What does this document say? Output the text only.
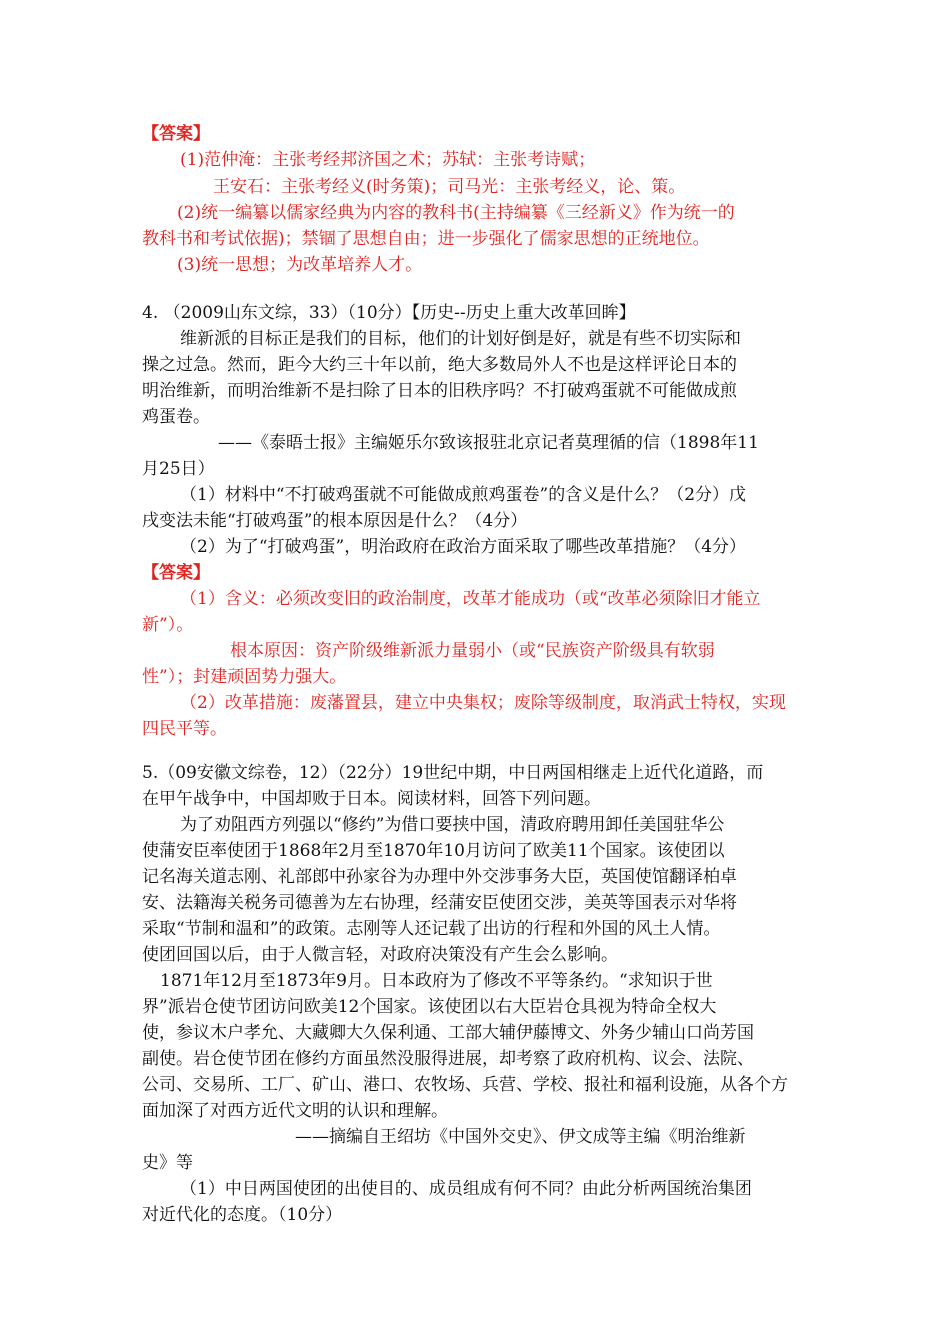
【答案】
(1)范仲淹：主张考经邦济国之术；苏轼：主张考诗赋；
王安石：主张考经义(时务策)；司马光：主张考经义，论、策。
(2)统一编纂以儒家经典为内容的教科书(主持编纂《三经新义》作为统一的
教科书和考试依据)；禁锢了思想自由；进一步强化了儒家思想的正统地位。
(3)统一思想；为改革培养人才。
4. （2009山东文综，33）（10分）【历史--历史上重大改革回眸】
维新派的目标正是我们的目标，他们的计划好倒是好，就是有些不切实际和
操之过急。然而，距今大约三十年以前，绝大多数局外人不也是这样评论日本的
明治维新，而明治维新不是扫除了日本的旧秩序吗？不打破鸡蛋就不可能做成煎
鸡蛋卷。
——《泰晤士报》主编姬乐尔致该报驻北京记者莫理循的信（1898年11
月25日）
（1）材料中“不打破鸡蛋就不可能做成煎鸡蛋卷”的含义是什么？（2分）戊
戌变法未能“打破鸡蛋”的根本原因是什么？（4分）
（2）为了“打破鸡蛋”，明治政府在政治方面采取了哪些改革措施？（4分）
【答案】
（1）含义：必须改变旧的政治制度，改革才能成功（或“改革必须除旧才能立
新”）。
根本原因：资产阶级维新派力量弱小（或“民族资产阶级具有软弱
性”）；封建顽固势力强大。
（2）改革措施：废藩置县，建立中央集权；废除等级制度，取消武士特权，实现
四民平等。
5.（09安徽文综卷，12）（22分）19世纪中期，中日两国相继走上近代化道路，而
在甲午战争中，中国却败于日本。阅读材料，回答下列问题。
为了劝阻西方列强以“修约”为借口要挟中国，清政府聘用卸任美国驻华公
使蒲安臣率使团于1868年2月至1870年10月访问了欧美11个国家。该使团以
记名海关道志刚、礼部郎中孙家谷为办理中外交涉事务大臣，英国使馆翻译柏卓
安、法籍海关税务司德善为左右协理，经蒲安臣使团交涉，美英等国表示对华将
采取“节制和温和”的政策。志刚等人还记载了出访的行程和外国的风土人情。
使团回国以后，由于人微言轻，对政府决策没有产生会么影响。
1871年12月至1873年9月。日本政府为了修改不平等条约。“求知识于世
界”派岩仓使节团访问欧美12个国家。该使团以右大臣岩仓具视为特命全权大
使，参议木户孝允、大藏卿大久保利通、工部大辅伊藤博文、外务少辅山口尚芳国
副使。岩仓使节团在修约方面虽然没服得进展，却考察了政府机构、议会、法院、
公司、交易所、工厂、矿山、港口、农牧场、兵营、学校、报社和福利设施，从各个方
面加深了对西方近代文明的认识和理解。
——摘编自王绍坊《中国外交史》、伊文成等主编《明治维新
史》等
（1）中日两国使团的出使目的、成员组成有何不同？由此分析两国统治集团
对近代化的态度。（10分）
